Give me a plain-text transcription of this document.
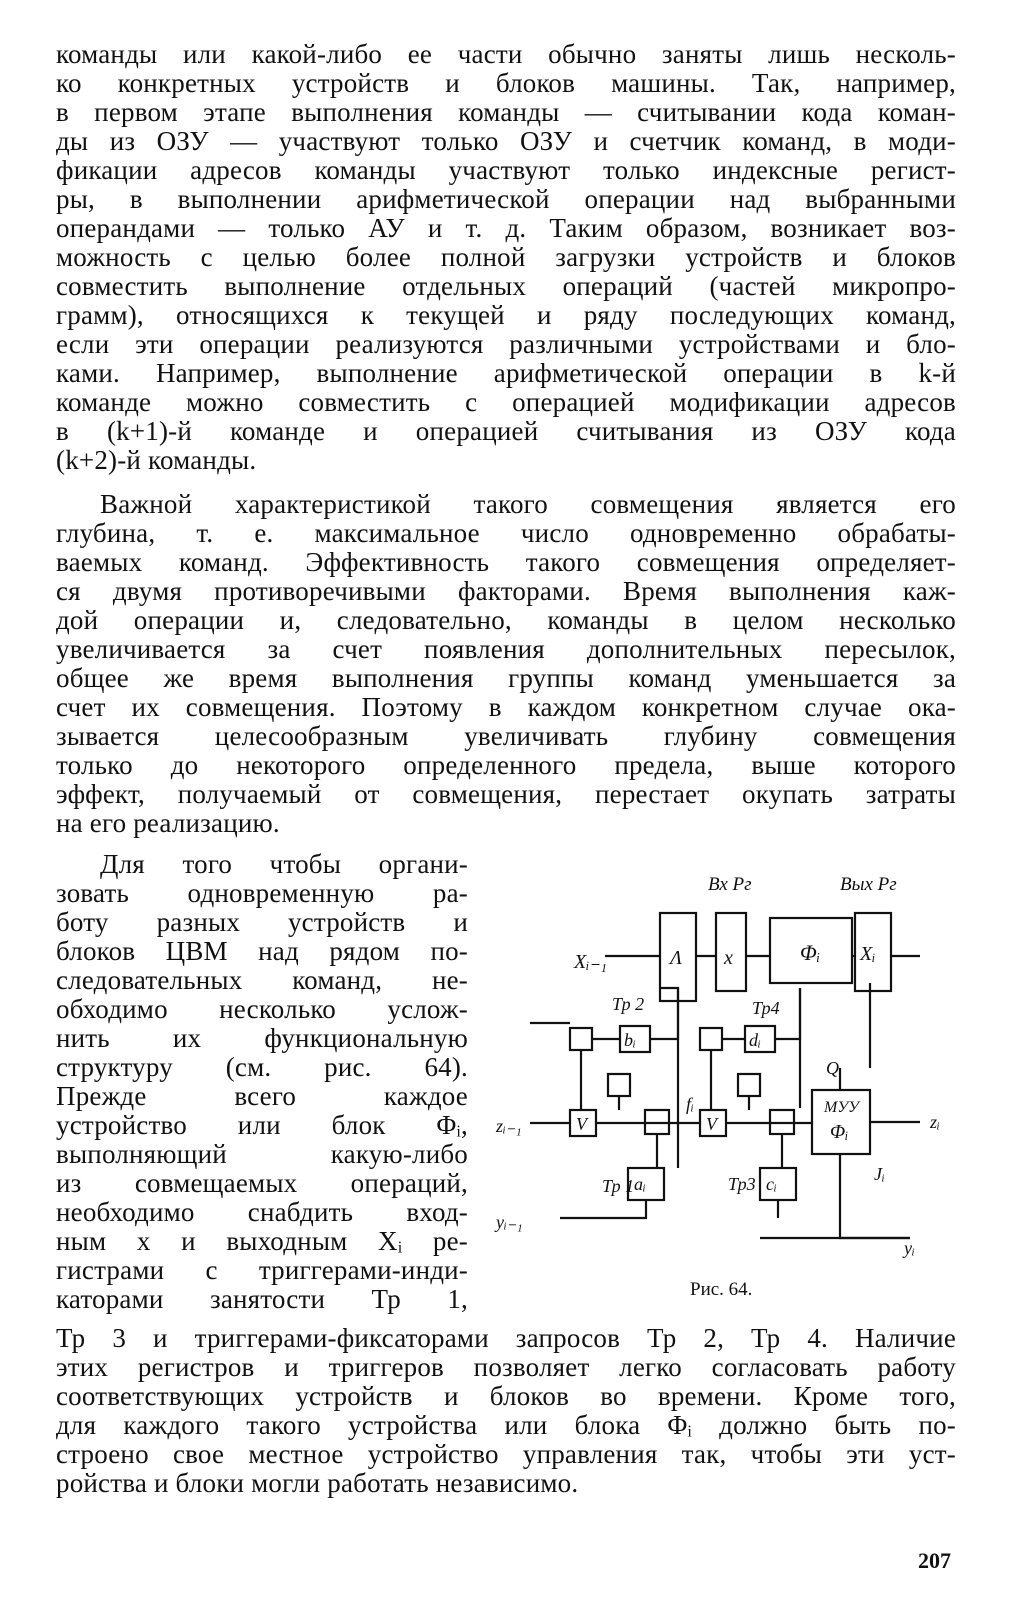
команды или какой-либо ее части обычно заняты лишь несколь-
ко конкретных устройств и блоков машины. Так, например,
в первом этапе выполнения команды — считывании кода коман-
ды из ОЗУ — участвуют только ОЗУ и счетчик команд, в моди-
фикации адресов команды участвуют только индексные регист-
ры, в выполнении арифметической операции над выбранными
операндами — только АУ и т. д. Таким образом, возникает воз-
можность с целью более полной загрузки устройств и блоков
совместить выполнение отдельных операций (частей микропро-
грамм), относящихся к текущей и ряду последующих команд,
если эти операции реализуются различными устройствами и бло-
ками. Например, выполнение арифметической операции в k-й
команде можно совместить с операцией модификации адресов
в (k+1)-й команде и операцией считывания из ОЗУ кода
(k+2)-й команды.
Важной характеристикой такого совмещения является его
глубина, т. е. максимальное число одновременно обрабаты-
ваемых команд. Эффективность такого совмещения определяет-
ся двумя противоречивыми факторами. Время выполнения каж-
дой операции и, следовательно, команды в целом несколько
увеличивается за счет появления дополнительных пересылок,
общее же время выполнения группы команд уменьшается за
счет их совмещения. Поэтому в каждом конкретном случае ока-
зывается целесообразным увеличивать глубину совмещения
только до некоторого определенного предела, выше которого
эффект, получаемый от совмещения, перестает окупать затраты
на его реализацию.
Для того чтобы органи-
зовать одновременную ра-
боту разных устройств и
блоков ЦВМ над рядом по-
следовательных команд, не-
обходимо несколько услож-
нить их функциональную
структуру (см. рис. 64).
Прежде всего каждое
устройство или блок Φᵢ,
выполняющий какую-либо
из совмещаемых операций,
необходимо снабдить вход-
ным x и выходным Xᵢ ре-
гистрами с триггерами-инди-
каторами занятости Тр 1,
Тр 3 и триггерами-фиксаторами запросов Тр 2, Тр 4. Наличие
этих регистров и триггеров позволяет легко согласовать работу
соответствующих устройств и блоков во времени. Кроме того,
для каждого такого устройства или блока Φᵢ должно быть по-
строено свое местное устройство управления так, чтобы эти уст-
ройства и блоки могли работать независимо.
Вх Рг	Вых Рг
Xᵢ₋₁	Λ x	Φᵢ Xᵢ
Тр 2	Тр4
bᵢ	dᵢ
fᵢ
Qᵢ
МУУ
Φᵢ	zᵢ
zᵢ₋₁	V	V
aᵢ	cᵢ
Тр 1	Тр3	Jᵢ
yᵢ₋₁
yᵢ
Рис. 64.
207
